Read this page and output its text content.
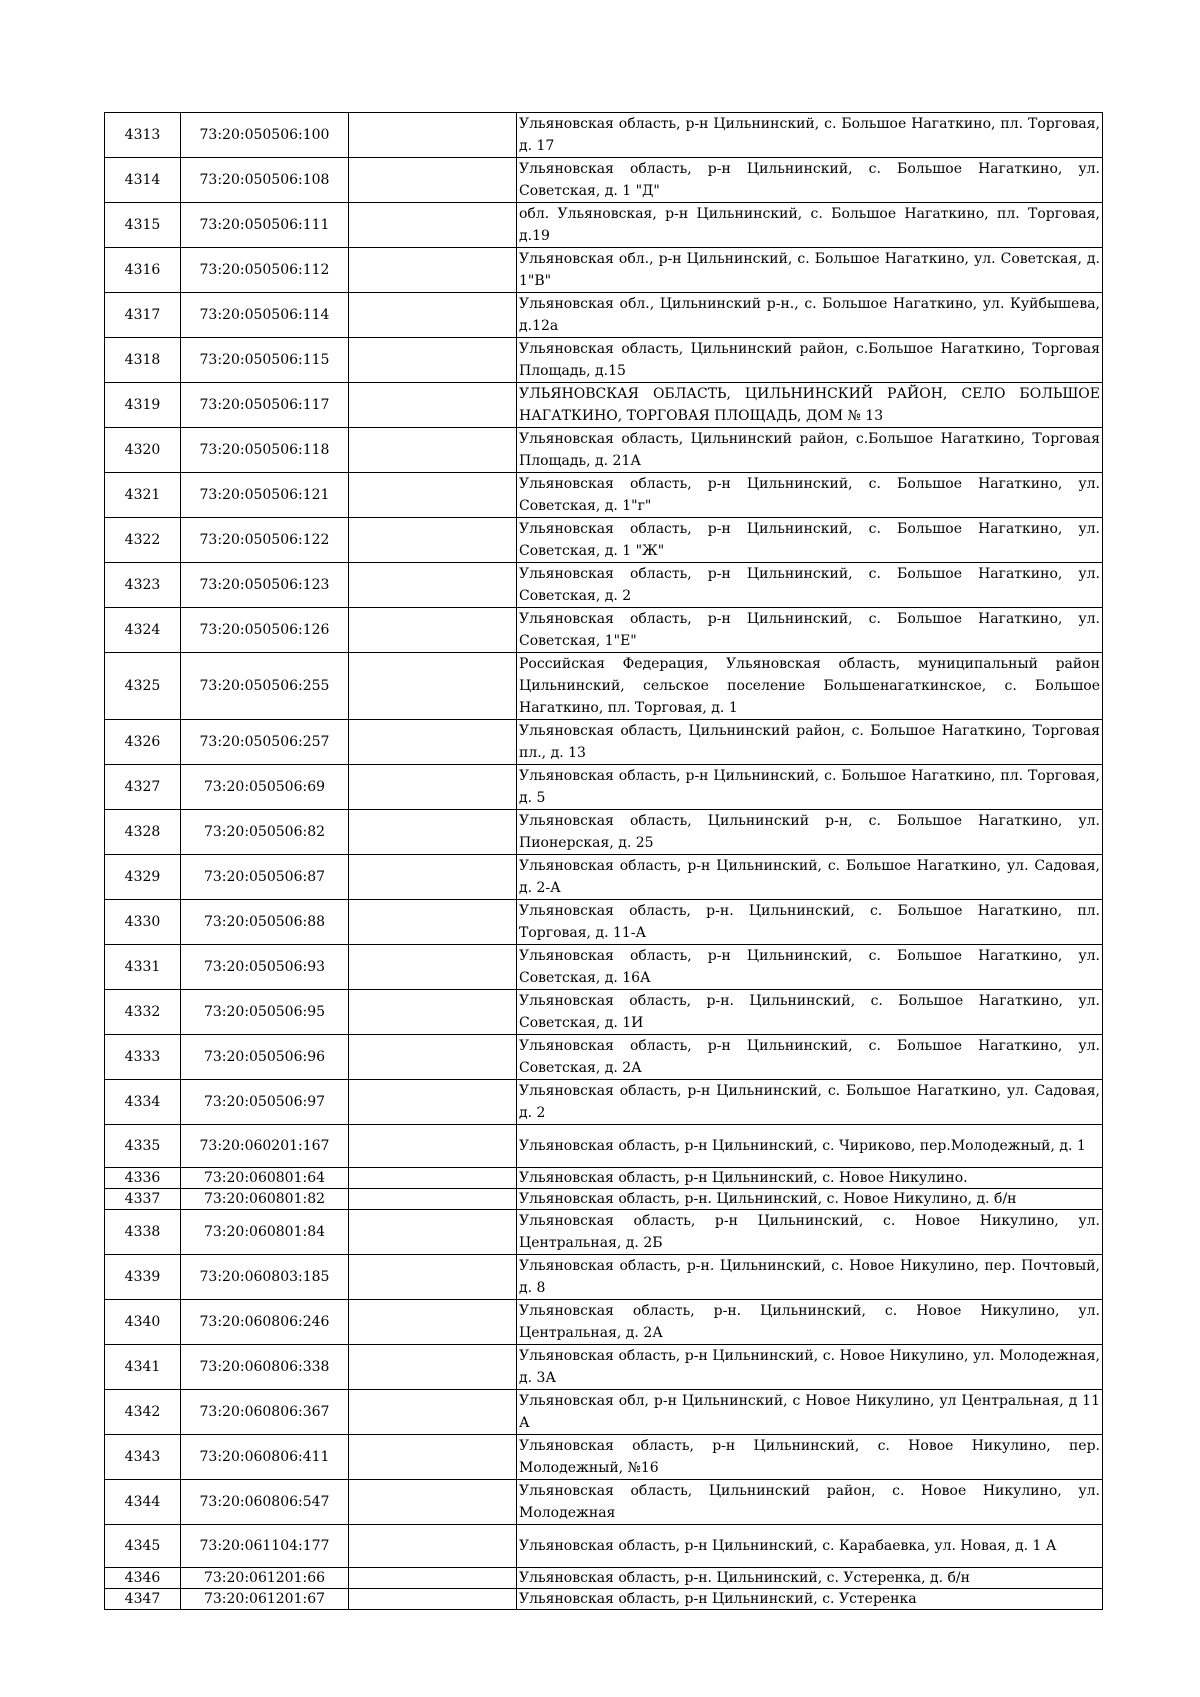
4313	73:20:050506:100		Ульяновская область, р-н Цильнинский, с. Большое Нагаткино, пл. Торговая, д. 17
4314	73:20:050506:108		Ульяновская область, р-н Цильнинский, с. Большое Нагаткино, ул. Советская, д. 1 "Д"
4315	73:20:050506:111		обл. Ульяновская, р-н Цильнинский, с. Большое Нагаткино, пл. Торговая, д.19
4316	73:20:050506:112		Ульяновская обл., р-н Цильнинский, с. Большое Нагаткино, ул. Советская, д. 1"В"
4317	73:20:050506:114		Ульяновская обл., Цильнинский р-н., с. Большое Нагаткино, ул. Куйбышева, д.12а
4318	73:20:050506:115		Ульяновская область, Цильнинский район, с.Большое Нагаткино, Торговая Площадь, д.15
4319	73:20:050506:117		УЛЬЯНОВСКАЯ ОБЛАСТЬ, ЦИЛЬНИНСКИЙ РАЙОН, СЕЛО БОЛЬШОЕ НАГАТКИНО, ТОРГОВАЯ ПЛОЩАДЬ, ДОМ № 13
4320	73:20:050506:118		Ульяновская область, Цильнинский район, с.Большое Нагаткино, Торговая Площадь, д. 21А
4321	73:20:050506:121		Ульяновская область, р-н Цильнинский, с. Большое Нагаткино, ул. Советская, д. 1"г"
4322	73:20:050506:122		Ульяновская область, р-н Цильнинский, с. Большое Нагаткино, ул. Советская, д. 1 "Ж"
4323	73:20:050506:123		Ульяновская область, р-н Цильнинский, с. Большое Нагаткино, ул. Советская, д. 2
4324	73:20:050506:126		Ульяновская область, р-н Цильнинский, с. Большое Нагаткино, ул. Советская, 1"Е"
4325	73:20:050506:255		Российская Федерация, Ульяновская область, муниципальный район Цильнинский, сельское поселение Большенагаткинское, с. Большое Нагаткино, пл. Торговая, д. 1
4326	73:20:050506:257		Ульяновская область, Цильнинский район, с. Большое Нагаткино, Торговая пл., д. 13
4327	73:20:050506:69		Ульяновская область, р-н Цильнинский, с. Большое Нагаткино, пл. Торговая, д. 5
4328	73:20:050506:82		Ульяновская область, Цильнинский р-н, с. Большое Нагаткино, ул. Пионерская, д. 25
4329	73:20:050506:87		Ульяновская область, р-н Цильнинский, с. Большое Нагаткино, ул. Садовая, д. 2-А
4330	73:20:050506:88		Ульяновская область, р-н. Цильнинский, с. Большое Нагаткино, пл. Торговая, д. 11-А
4331	73:20:050506:93		Ульяновская область, р-н Цильнинский, с. Большое Нагаткино, ул. Советская, д. 16А
4332	73:20:050506:95		Ульяновская область, р-н. Цильнинский, с. Большое Нагаткино, ул. Советская, д. 1И
4333	73:20:050506:96		Ульяновская область, р-н Цильнинский, с. Большое Нагаткино, ул. Советская, д. 2А
4334	73:20:050506:97		Ульяновская область, р-н Цильнинский, с. Большое Нагаткино, ул. Садовая, д. 2
4335	73:20:060201:167		Ульяновская область, р-н Цильнинский, с. Чириково, пер.Молодежный, д. 1
4336	73:20:060801:64		Ульяновская область, р-н Цильнинский, с. Новое Никулино.
4337	73:20:060801:82		Ульяновская область, р-н. Цильнинский, с. Новое Никулино, д. б/н
4338	73:20:060801:84		Ульяновская область, р-н Цильнинский, с. Новое Никулино, ул. Центральная, д. 2Б
4339	73:20:060803:185		Ульяновская область, р-н. Цильнинский, с. Новое Никулино, пер. Почтовый, д. 8
4340	73:20:060806:246		Ульяновская область, р-н. Цильнинский, с. Новое Никулино, ул. Центральная, д. 2А
4341	73:20:060806:338		Ульяновская область, р-н Цильнинский, с. Новое Никулино, ул. Молодежная, д. 3А
4342	73:20:060806:367		Ульяновская обл, р-н Цильнинский, с Новое Никулино, ул Центральная, д 11 А
4343	73:20:060806:411		Ульяновская область, р-н Цильнинский, с. Новое Никулино, пер. Молодежный, №16
4344	73:20:060806:547		Ульяновская область, Цильнинский район, с. Новое Никулино, ул. Молодежная
4345	73:20:061104:177		Ульяновская область, р-н Цильнинский, с. Карабаевка, ул. Новая, д. 1 А
4346	73:20:061201:66		Ульяновская область, р-н. Цильнинский, с. Устеренка, д. б/н
4347	73:20:061201:67		Ульяновская область, р-н Цильнинский, с. Устеренка
